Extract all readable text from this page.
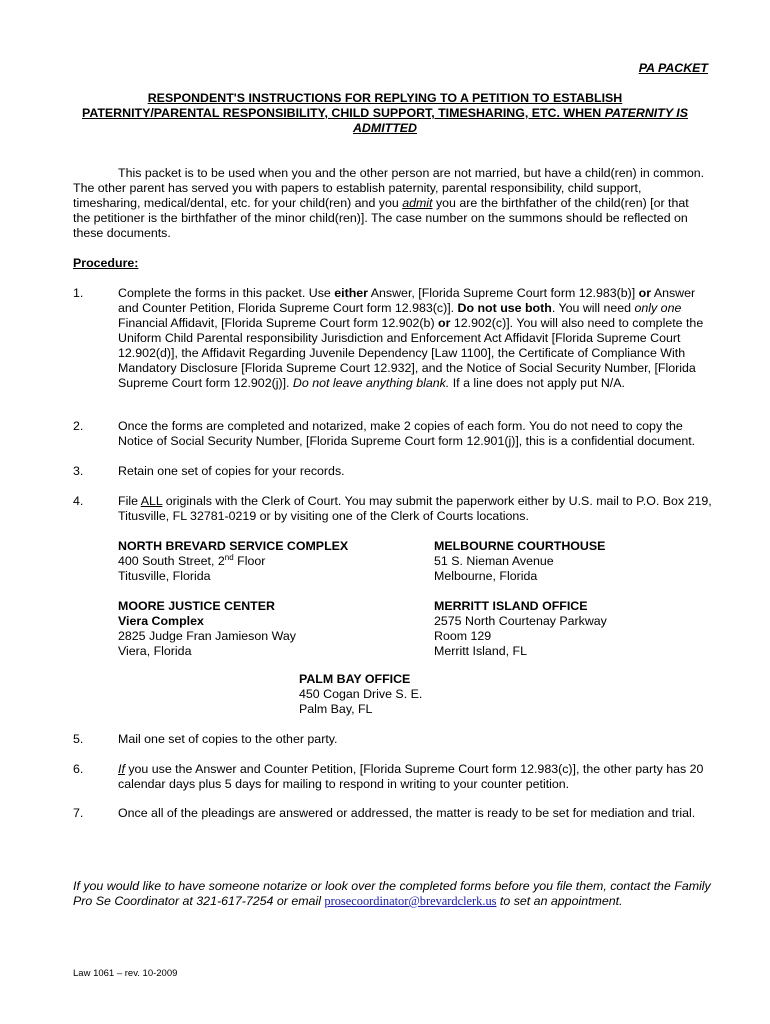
PA PACKET
RESPONDENT'S INSTRUCTIONS FOR REPLYING TO A PETITION TO ESTABLISH
PATERNITY/PARENTAL RESPONSIBILITY, CHILD SUPPORT, TIMESHARING, ETC. WHEN PATERNITY IS
ADMITTED
This packet is to be used when you and the other person are not married, but have a child(ren) in common. The other parent has served you with papers to establish paternity, parental responsibility, child support, timesharing, medical/dental, etc. for your child(ren) and you admit you are the birthfather of the child(ren) [or that the petitioner is the birthfather of the minor child(ren)]. The case number on the summons should be reflected on these documents.
Procedure:
1.	Complete the forms in this packet. Use either Answer, [Florida Supreme Court form 12.983(b)] or Answer and Counter Petition, Florida Supreme Court form 12.983(c)]. Do not use both. You will need only one Financial Affidavit, [Florida Supreme Court form 12.902(b) or 12.902(c)]. You will also need to complete the Uniform Child Parental responsibility Jurisdiction and Enforcement Act Affidavit [Florida Supreme Court 12.902(d)], the Affidavit Regarding Juvenile Dependency [Law 1100], the Certificate of Compliance With Mandatory Disclosure [Florida Supreme Court 12.932], and the Notice of Social Security Number, [Florida Supreme Court form 12.902(j)]. Do not leave anything blank. If a line does not apply put N/A.
2.	Once the forms are completed and notarized, make 2 copies of each form. You do not need to copy the Notice of Social Security Number, [Florida Supreme Court form 12.901(j)], this is a confidential document.
3.	Retain one set of copies for your records.
4.	File ALL originals with the Clerk of Court. You may submit the paperwork either by U.S. mail to P.O. Box 219, Titusville, FL 32781-0219 or by visiting one of the Clerk of Courts locations.
NORTH BREVARD SERVICE COMPLEX
400 South Street, 2nd Floor
Titusville, Florida
MELBOURNE COURTHOUSE
51 S. Nieman Avenue
Melbourne, Florida
MOORE JUSTICE CENTER
Viera Complex
2825 Judge Fran Jamieson Way
Viera, Florida
MERRITT ISLAND OFFICE
2575 North Courtenay Parkway
Room 129
Merritt Island, FL
PALM BAY OFFICE
450 Cogan Drive S. E.
Palm Bay, FL
5.	Mail one set of copies to the other party.
6.	If you use the Answer and Counter Petition, [Florida Supreme Court form 12.983(c)], the other party has 20 calendar days plus 5 days for mailing to respond in writing to your counter petition.
7.	Once all of the pleadings are answered or addressed, the matter is ready to be set for mediation and trial.
If you would like to have someone notarize or look over the completed forms before you file them, contact the Family Pro Se Coordinator at 321-617-7254 or email prosecoordinator@brevardclerk.us to set an appointment.
Law 1061 – rev. 10-2009
